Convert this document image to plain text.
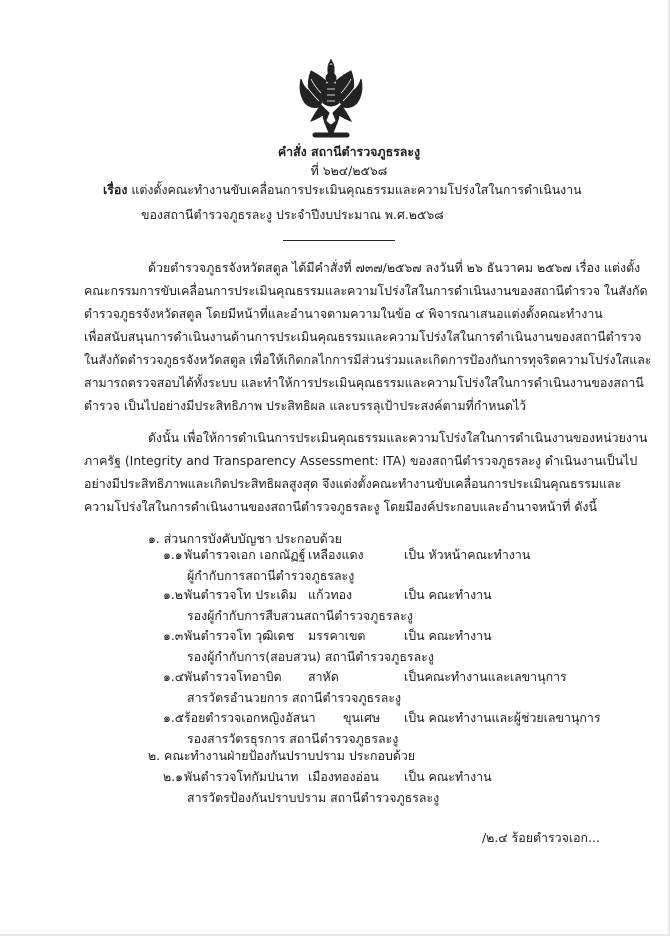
คำสั่ง สถานีตำรวจภูธรละงู
ที่ ๖๒๔/๒๕๖๘
เรื่อง แต่งตั้งคณะทำงานขับเคลื่อนการประเมินคุณธรรมและความโปร่งใสในการดำเนินงาน
ของสถานีตำรวจภูธรละงู ประจำปีงบประมาณ พ.ศ.๒๕๖๘
ด้วยตำรวจภูธรจังหวัดสตูล ได้มีคำสั่งที่ ๗๓๗/๒๕๖๗ ลงวันที่ ๒๖ ธันวาคม ๒๕๖๗ เรื่อง แต่งตั้ง
คณะกรรมการขับเคลื่อนการประเมินคุณธรรมและความโปร่งใสในการดำเนินงานของสถานีตำรวจ ในสังกัด
ตำรวจภูธรจังหวัดสตูล โดยมีหน้าที่และอำนาจตามความในข้อ ๔ พิจารณาเสนอแต่งตั้งคณะทำงาน
เพื่อสนับสนุนการดำเนินงานด้านการประเมินคุณธรรมและความโปร่งใสในการดำเนินงานของสถานีตำรวจ
ในสังกัดตำรวจภูธรจังหวัดสตูล เพื่อให้เกิดกลไกการมีส่วนร่วมและเกิดการป้องกันการทุจริตความโปร่งใสและ
สามารถตรวจสอบได้ทั้งระบบ และทำให้การประเมินคุณธรรมและความโปร่งใสในการดำเนินงานของสถานี
ตำรวจ เป็นไปอย่างมีประสิทธิภาพ ประสิทธิผล และบรรลุเป้าประสงค์ตามที่กำหนดไว้
ดังนั้น เพื่อให้การดำเนินการประเมินคุณธรรมและความโปร่งใสในการดำเนินงานของหน่วยงาน
ภาครัฐ (Integrity and Transparency Assessment: ITA) ของสถานีตำรวจภูธรละงู ดำเนินงานเป็นไป
อย่างมีประสิทธิภาพและเกิดประสิทธิผลสูงสุด จึงแต่งตั้งคณะทำงานขับเคลื่อนการประเมินคุณธรรมและ
ความโปร่งใสในการดำเนินงานของสถานีตำรวจภูธรละงู โดยมีองค์ประกอบและอำนาจหน้าที่ ดังนี้
๑. ส่วนการบังคับบัญชา ประกอบด้วย
๑.๑ พันตำรวจเอก เอกณัฏฐ์ เหลืองแดง	เป็น หัวหน้าคณะทำงาน
ผู้กำกับการสถานีตำรวจภูธรละงู
๑.๒ พันตำรวจโท ประเดิม แก้วทอง	เป็น คณะทำงาน
รองผู้กำกับการสืบสวนสถานีตำรวจภูธรละงู
๑.๓ พันตำรวจโท วุฒิเดช มรรคาเขต	เป็น คณะทำงาน
รองผู้กำกับการ(สอบสวน) สถานีตำรวจภูธรละงู
๑.๔ พันตำรวจโทอาบิด สาหัด	เป็นคณะทำงานและเลขานุการ
สารวัตรอำนวยการ สถานีตำรวจภูธรละงู
๑.๕ ร้อยตำรวจเอกหญิงอัสนา ขุนเศษ เป็น คณะทำงานและผู้ช่วยเลขานุการ
รองสารวัตรธุรการ สถานีตำรวจภูธรละงู
๒. คณะทำงานฝ่ายป้องกันปราบปราม ประกอบด้วย
๒.๑ พันตำรวจโทกัมปนาท เมืองทองอ่อน เป็น คณะทำงาน
สารวัตรป้องกันปราบปราม สถานีตำรวจภูธรละงู
/๒.๔ ร้อยตำรวจเอก...
